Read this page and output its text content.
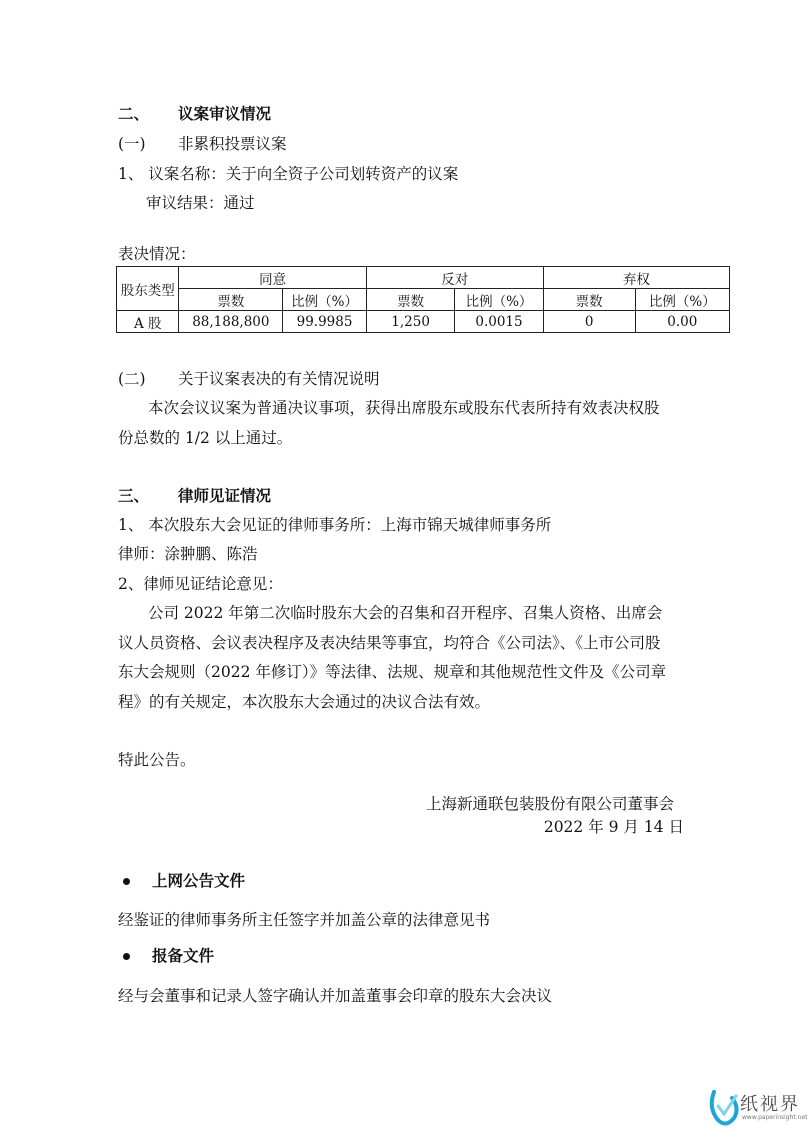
二、 议案审议情况
(一) 非累积投票议案
1、 议案名称：关于向全资子公司划转资产的议案
审议结果：通过
表决情况：
股东类型	同意		反对		弃权	
	票数	比例（%）	票数	比例（%）	票数	比例（%）
A 股	88,188,800	99.9985	1,250	0.0015	0	0.00
(二) 关于议案表决的有关情况说明
本次会议议案为普通决议事项，获得出席股东或股东代表所持有效表决权股
份总数的 1/2 以上通过。
三、 律师见证情况
1、 本次股东大会见证的律师事务所：上海市锦天城律师事务所
律师：涂翀鹏、陈浩
2、律师见证结论意见：
公司 2022 年第二次临时股东大会的召集和召开程序、召集人资格、出席会
议人员资格、会议表决程序及表决结果等事宜，均符合《公司法》、《上市公司股
东大会规则（2022 年修订）》等法律、法规、规章和其他规范性文件及《公司章
程》的有关规定，本次股东大会通过的决议合法有效。
特此公告。
上海新通联包装股份有限公司董事会
2022 年 9 月 14 日
上网公告文件
经鉴证的律师事务所主任签字并加盖公章的法律意见书
报备文件
经与会董事和记录人签字确认并加盖董事会印章的股东大会决议
纸视界
www.paperinsight.net
